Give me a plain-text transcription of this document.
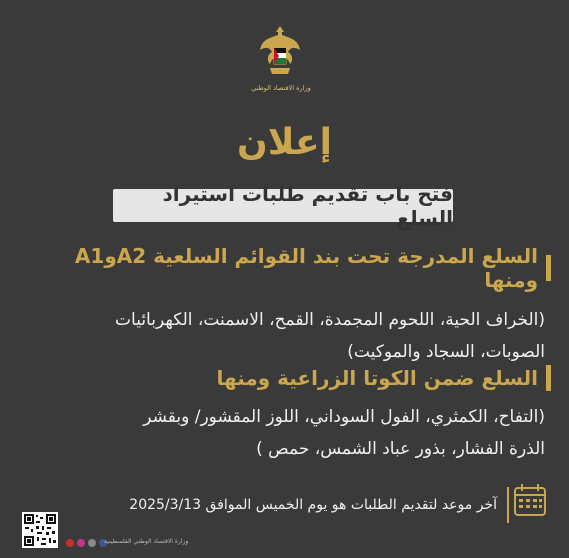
وزارة الاقتصاد الوطني
إعلان
فتح باب تقديم طلبات استيراد السلع
السلع المدرجة تحت بند القوائم السلعية A2وA1 ومنها
(الخراف الحية، اللحوم المجمدة، القمح، الاسمنت، الكهربائيات
الصوبات، السجاد والموكيت)
السلع ضمن الكوتا الزراعية ومنها
(التفاح، الكمثري، الفول السوداني، اللوز المقشور/ وبقشر
الذرة الفشار، بذور عباد الشمس، حمص )
آخر موعد لتقديم الطلبات هو يوم الخميس الموافق 2025/3/13
وزارة الاقتصاد الوطني الفلسطينية
